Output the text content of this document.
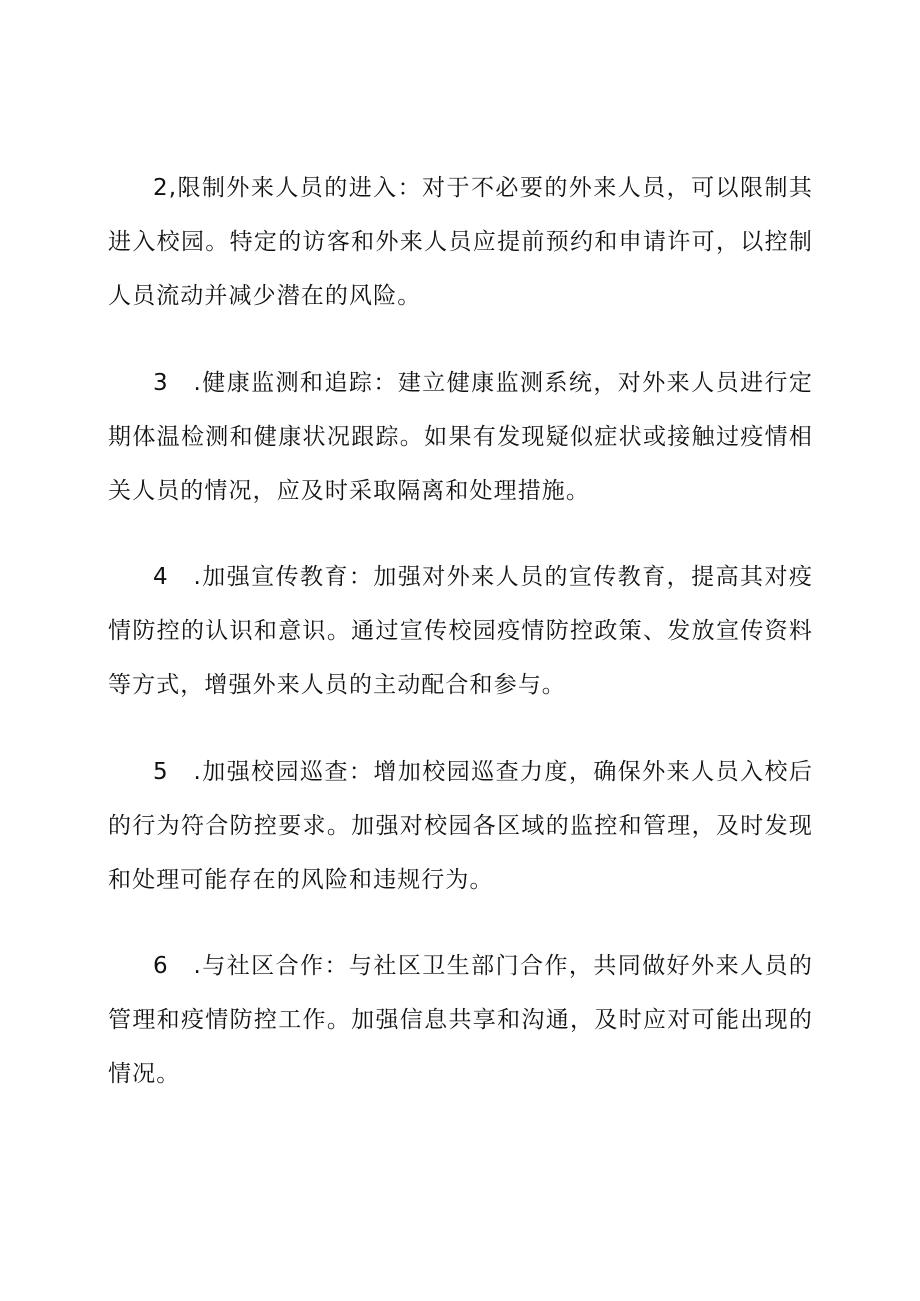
2,限制外来人员的进入：对于不必要的外来人员，可以限制其进入校园。特定的访客和外来人员应提前预约和申请许可，以控制人员流动并减少潜在的风险。

3　.健康监测和追踪：建立健康监测系统，对外来人员进行定期体温检测和健康状况跟踪。如果有发现疑似症状或接触过疫情相关人员的情况，应及时采取隔离和处理措施。

4　.加强宣传教育：加强对外来人员的宣传教育，提高其对疫情防控的认识和意识。通过宣传校园疫情防控政策、发放宣传资料等方式，增强外来人员的主动配合和参与。

5　.加强校园巡查：增加校园巡查力度，确保外来人员入校后的行为符合防控要求。加强对校园各区域的监控和管理，及时发现和处理可能存在的风险和违规行为。

6　.与社区合作：与社区卫生部门合作，共同做好外来人员的管理和疫情防控工作。加强信息共享和沟通，及时应对可能出现的情况。
